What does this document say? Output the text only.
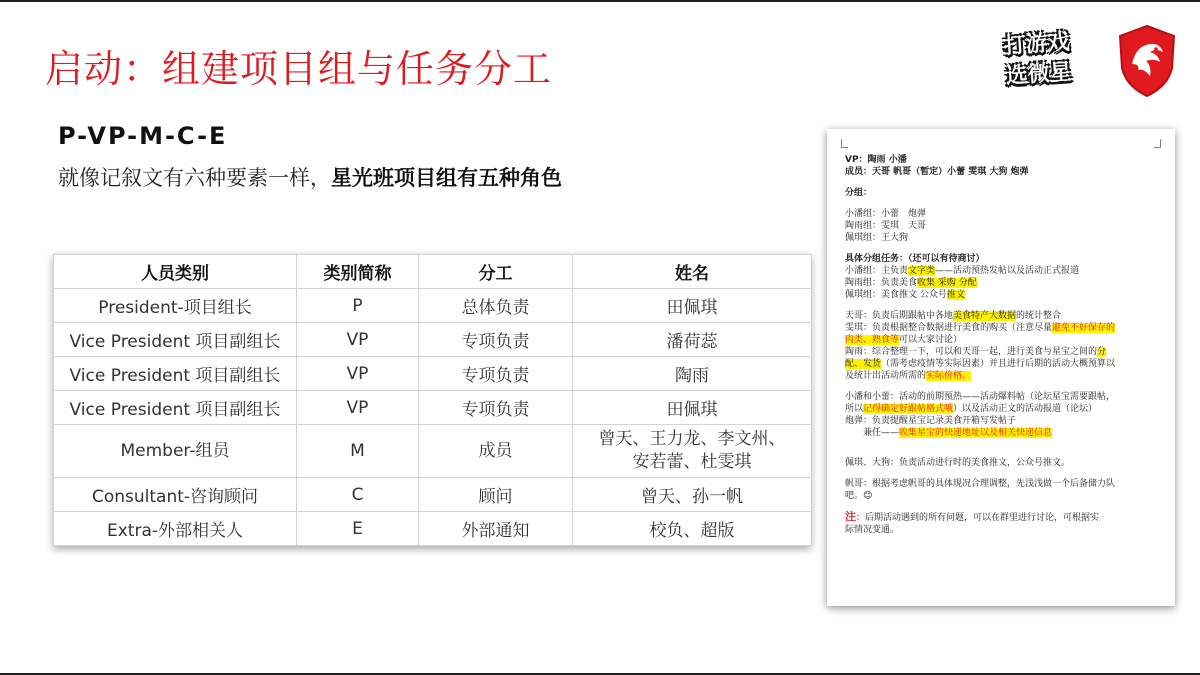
启动：组建项目组与任务分工
打游戏
选微星
P-VP-M-C-E
就像记叙文有六种要素一样，星光班项目组有五种角色
人员类别	类别简称	分工	姓名
President-项目组长	P	总体负责	田佩琪
Vice President 项目副组长	VP	专项负责	潘荷蕊
Vice President 项目副组长	VP	专项负责	陶雨
Vice President 项目副组长	VP	专项负责	田佩琪
Member-组员	M	成员	曾天、王力龙、李文州、
安若蕾、杜雯琪
Consultant-咨询顾问	C	顾问	曾天、孙一帆
Extra-外部相关人	E	外部通知	校负、超版
VP：陶雨 小潘
成员：天哥 帆哥（暂定）小蕾 雯琪 大狗 炮弹
分组：
小潘组：小蕾　炮弹
陶雨组：雯琪　天哥
佩琪组：王大狗
具体分组任务：（还可以有待商讨）
小潘组：主负责文字类——活动预热发帖以及活动正式报道
陶雨组：负责美食收集 采购 分配
佩琪组：美食推文 公众号推文
天哥：负责后期跟帖中各地美食特产大数据的统计整合
雯琪：负责根据整合数据进行美食的购买（注意尽量避免不好保存的
肉类、熟食等可以大家讨论）
陶雨：综合整理一下，可以和天哥一起，进行美食与星宝之间的分
配、发货（需考虑疫情等实际因素）并且进行后期的活动大概预算以
及统计出活动所需的实际价格。
小潘和小蕾：活动的前期预热——活动爆料帖（论坛星宝需要跟帖，
所以记得确定好跟帖格式哦）以及活动正文的活动报道（论坛）
炮弹：负责提醒星宝记录美食开箱写发帖子
　　兼任——收集星宝的快递地址以及相关快递信息
佩琪、大狗：负责活动进行时的美食推文，公众号推文。
帆哥：根据考虑帆哥的具体现况合理调整，先浅浅做一个后备储力队
吧。😊
注：后期活动遇到的所有问题，可以在群里进行讨论，可根据实
际情况变通。
